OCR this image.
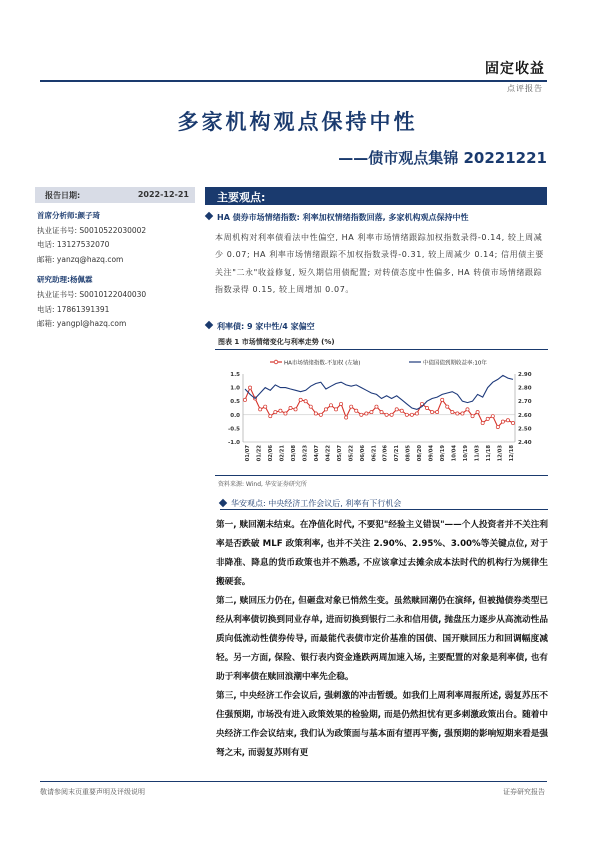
固定收益
点评报告
多家机构观点保持中性
——债市观点集锦 20221221
报告日期:	2022-12-21
首席分析师:颜子琦
执业证书号: S0010522030002
电话: 13127532070
邮箱: yanzq@hazq.com
研究助理:杨佩霖
执业证书号: S0010122040030
电话: 17861391391
邮箱: yangpl@hazq.com
主要观点:
HA 债券市场情绪指数: 利率加权情绪指数回落, 多家机构观点保持中性
本周机构对利率债看法中性偏空, HA 利率市场情绪跟踪加权指数录得-0.14, 较上周减少 0.07; HA 利率市场情绪跟踪不加权指数录得-0.31, 较上周减少 0.14; 信用债主要关注"二永"收益修复, 短久期信用债配置; 对转债态度中性偏多, HA 转债市场情绪跟踪指数录得 0.15, 较上周增加 0.07。
利率债: 9 家中性/4 家偏空
图表 1 市场情绪变化与利率走势 (%)
HA市场情绪指数-不加权 (左轴)	中债国债到期收益率:10年
1.5
1.0
0.5
0.0
-0.5
-1.0
2.90
2.80
2.70
2.60
2.50
2.40
01/07 01/22 02/06 02/21 03/08 03/23 04/07 04/22 05/07 05/22 06/06 06/21 07/06 07/21 08/05 08/20 09/04 09/19 10/04 10/19 11/03 11/18 12/03 12/18
资料来源: Wind, 华安证券研究所
华安观点: 中央经济工作会议后, 利率有下行机会

第一, 赎回潮未结束。在净值化时代, 不要犯"经验主义错误"——个人投资者并不关注利率是否跌破 MLF 政策利率, 也并不关注 2.90%、2.95%、3.00%等关键点位, 对于非降准、降息的货币政策也并不熟悉, 不应该拿过去摊余成本法时代的机构行为规律生搬硬套。

第二, 赎回压力仍在, 但砸盘对象已悄然生变。虽然赎回潮仍在演绎, 但被抛债券类型已经从利率债切换到同业存单, 进而切换到银行二永和信用债, 抛盘压力逐步从高流动性品质向低流动性债券传导, 而最能代表债市定价基准的国债、国开赎回压力和回调幅度减轻。另一方面, 保险、银行表内资金逢跌两周加速入场, 主要配置的对象是利率债, 也有助于利率债在赎回浪潮中率先企稳。

第三, 中央经济工作会议后, 强刺激的冲击暂缓。如我们上周利率周报所述, 弱复苏压不住强预期, 市场没有进入政策效果的检验期, 而是仍然担忧有更多刺激政策出台。随着中央经济工作会议结束, 我们认为政策面与基本面有望再平衡, 强预期的影响短期来看是强弩之末, 而弱复苏则有更

敬请参阅末页重要声明及评级说明	证券研究报告
